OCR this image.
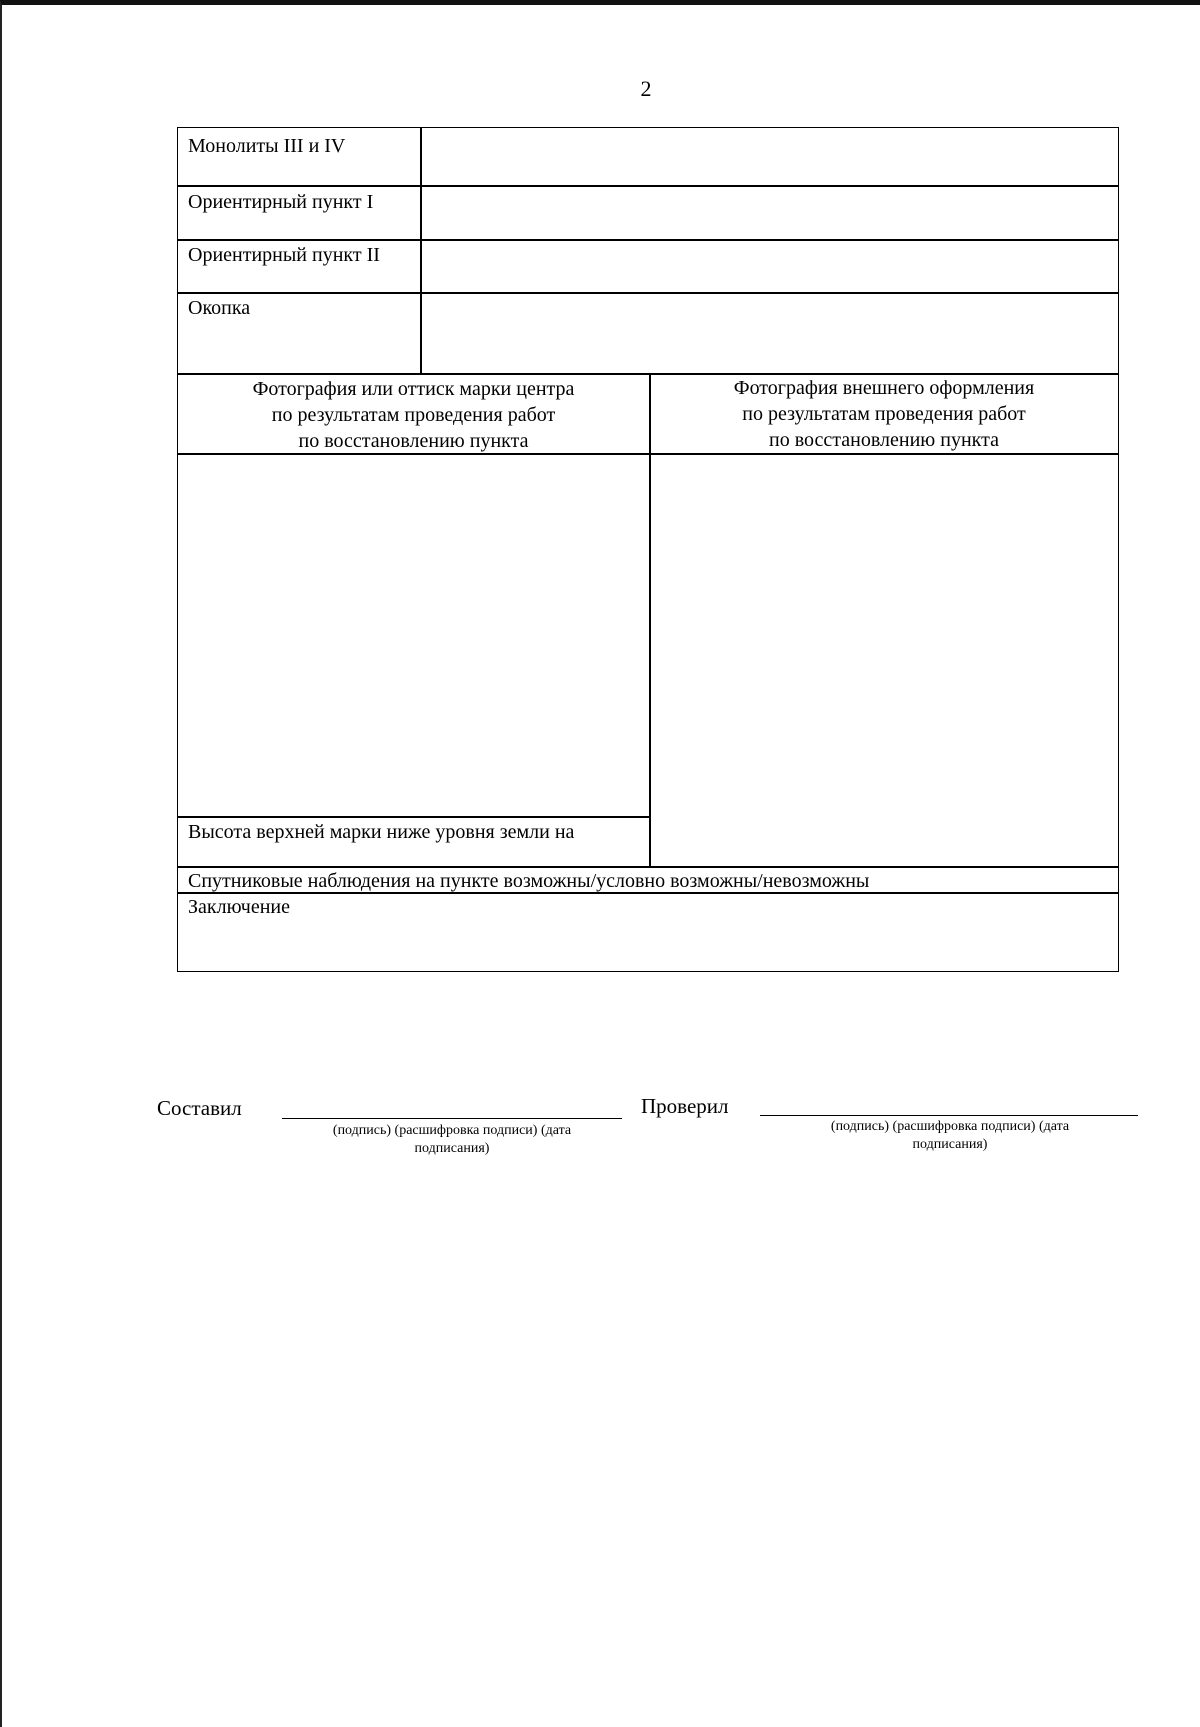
2
Монолиты III и IV
Ориентирный пункт I
Ориентирный пункт II
Окопка
Фотография или оттиск марки центра
по результатам проведения работ
по восстановлению пункта
Фотография внешнего оформления
по результатам проведения работ
по восстановлению пункта
Высота верхней марки ниже уровня земли на
Спутниковые наблюдения на пункте возможны/условно возможны/невозможны
Заключение
Составил
(подпись) (расшифровка подписи) (дата
подписания)
Проверил
(подпись) (расшифровка подписи) (дата
подписания)
